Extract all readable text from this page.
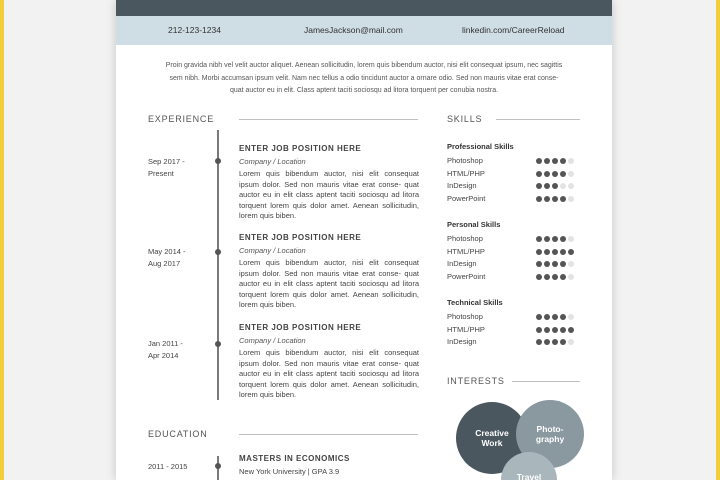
212-123-1234	JamesJackson@mail.com	linkedin.com/CareerReload
Proin gravida nibh vel velit auctor aliquet. Aenean sollicitudin, lorem quis bibendum auctor, nisi elit consequat ipsum, nec sagittis
sem nibh. Morbi accumsan ipsum velit. Nam nec tellus a odio tincidunt auctor a ornare odio. Sed non mauris vitae erat conse-
quat auctor eu in elit. Class aptent taciti sociosqu ad litora torquent per conubia nostra.
EXPERIENCE
Sep 2017 -
Present
ENTER JOB POSITION HERE
Company / Location
Lorem quis bibendum auctor, nisi elit consequat ipsum dolor. Sed non mauris vitae erat conse- quat auctor eu in elit class aptent taciti sociosqu ad litora torquent lorem quis dolor amet. Aenean sollicitudin, lorem quis biben.
May 2014 -
Aug 2017
ENTER JOB POSITION HERE
Company / Location
Lorem quis bibendum auctor, nisi elit consequat ipsum dolor. Sed non mauris vitae erat conse- quat auctor eu in elit class aptent taciti sociosqu ad litora torquent lorem quis dolor amet. Aenean sollicitudin, lorem quis biben.
Jan 2011 -
Apr 2014
ENTER JOB POSITION HERE
Company / Location
Lorem quis bibendum auctor, nisi elit consequat ipsum dolor. Sed non mauris vitae erat conse- quat auctor eu in elit class aptent taciti sociosqu ad litora torquent lorem quis dolor amet. Aenean sollicitudin, lorem quis biben.
EDUCATION
2011 - 2015
MASTERS IN ECONOMICS
New York University | GPA 3.9
SKILLS
Professional Skills
Photoshop
HTML/PHP
InDesign
PowerPoint
Personal Skills
Photoshop
HTML/PHP
InDesign
PowerPoint
Technical Skills
Photoshop
HTML/PHP
InDesign
INTERESTS
Creative
Work
Photo-
graphy
Travel
